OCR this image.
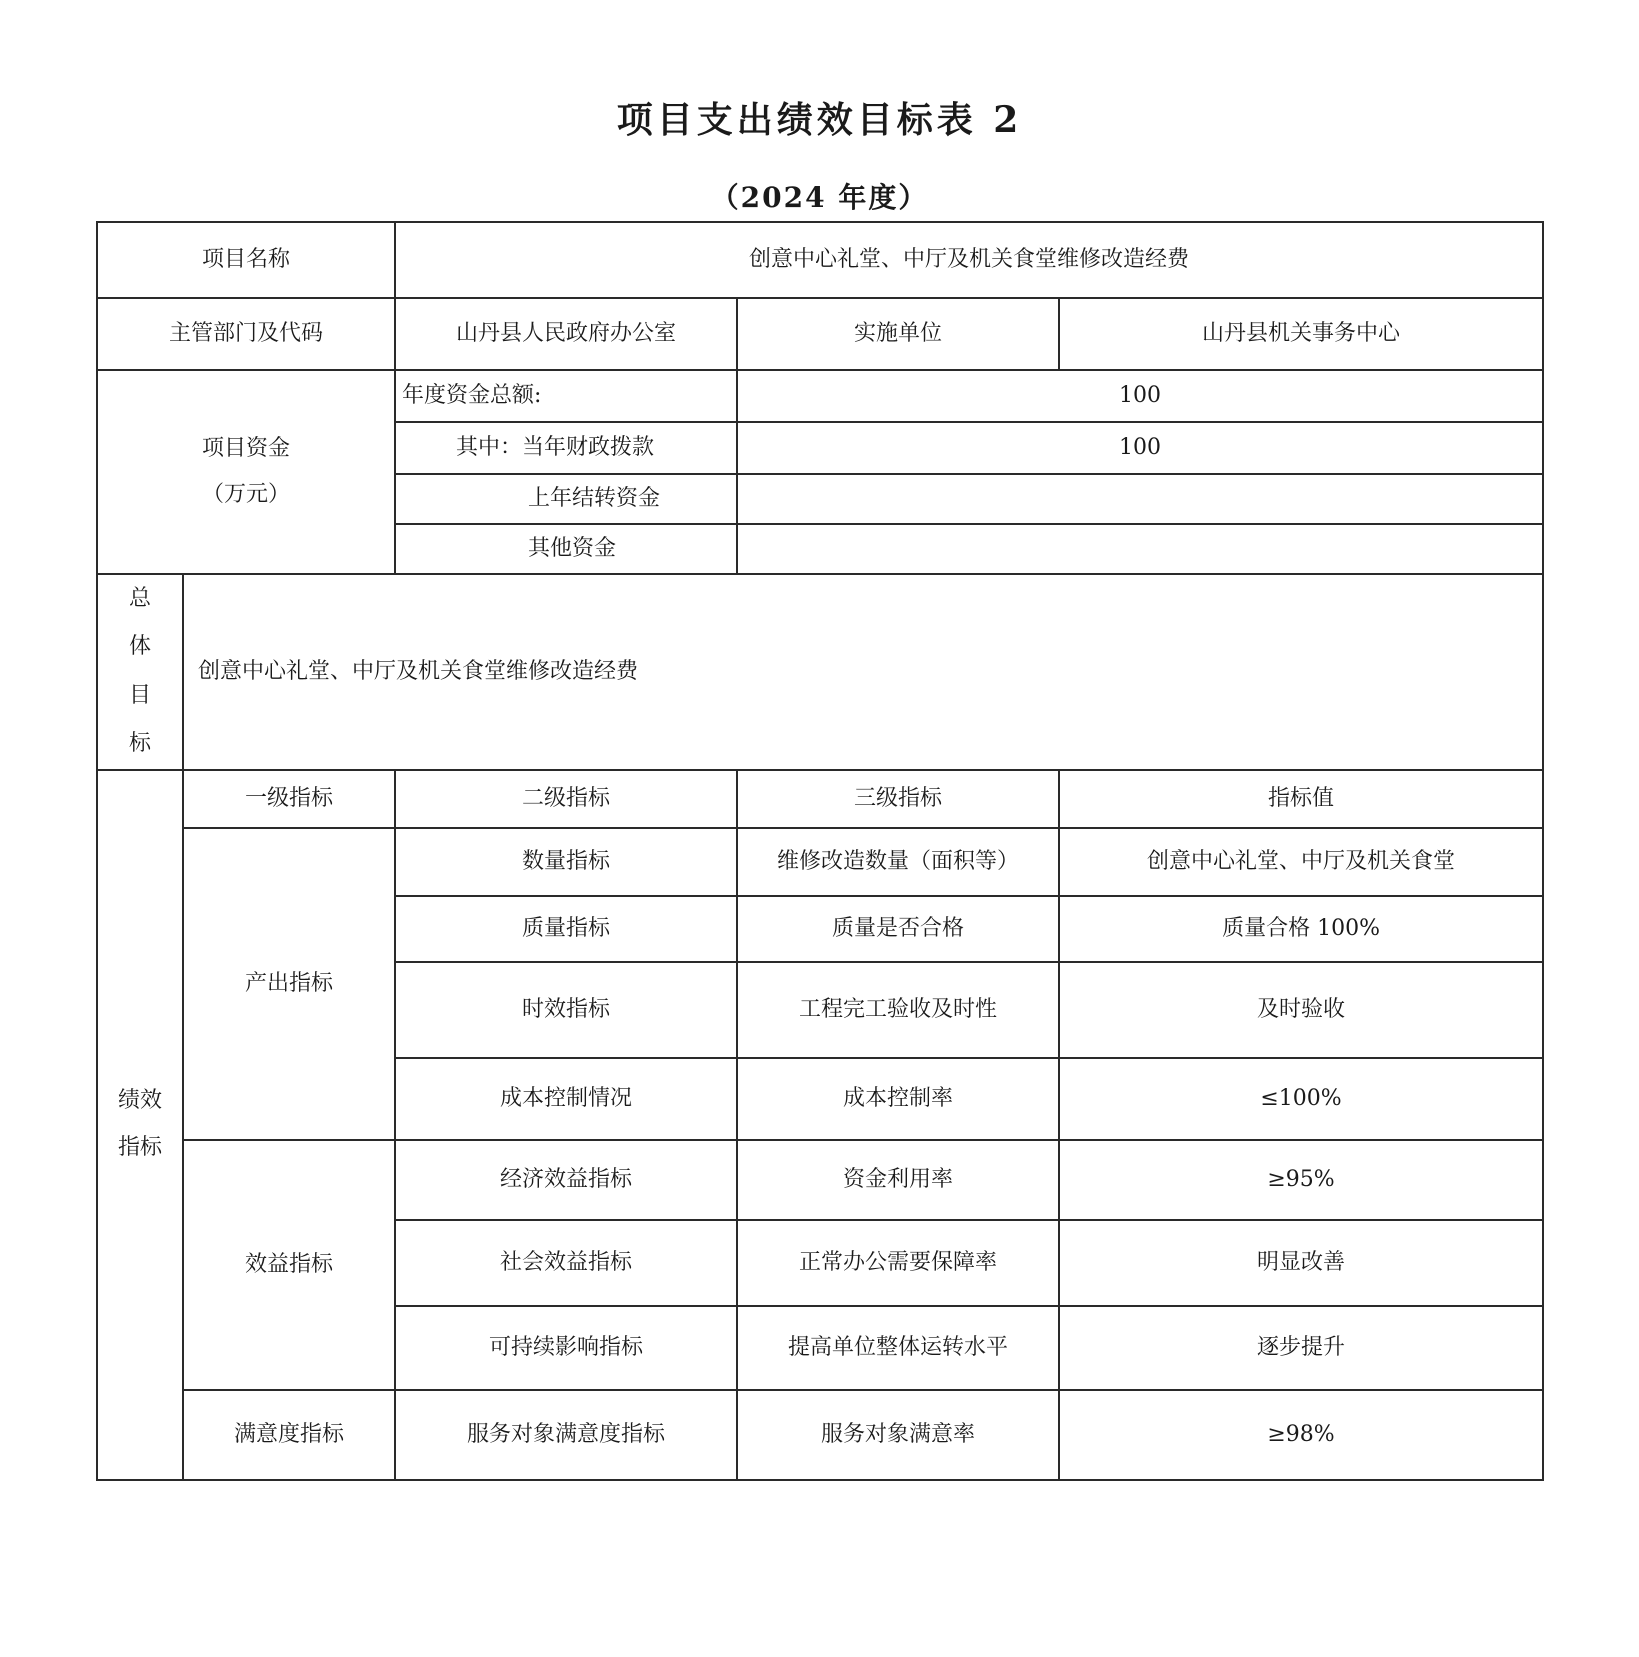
项目支出绩效目标表 2
（2024 年度）
项目名称		创意中心礼堂、中厅及机关食堂维修改造经费		
主管部门及代码		山丹县人民政府办公室	实施单位	山丹县机关事务中心

项目资金
（万元）		年度资金总额:	100	
		其中：当年财政拨款	100	
		上年结转资金		
		其他资金		
总体目标	创意中心礼堂、中厅及机关食堂维修改造经费			

绩效
指标	一级指标	二级指标	三级指标	指标值
	产出指标	数量指标	维修改造数量（面积等）	创意中心礼堂、中厅及机关食堂
		质量指标	质量是否合格	质量合格 100%
		时效指标	工程完工验收及时性	及时验收
		成本控制情况	成本控制率	≤100%
	效益指标	经济效益指标	资金利用率	≥95%
		社会效益指标	正常办公需要保障率	明显改善
		可持续影响指标	提高单位整体运转水平	逐步提升
	满意度指标	服务对象满意度指标	服务对象满意率	≥98%
